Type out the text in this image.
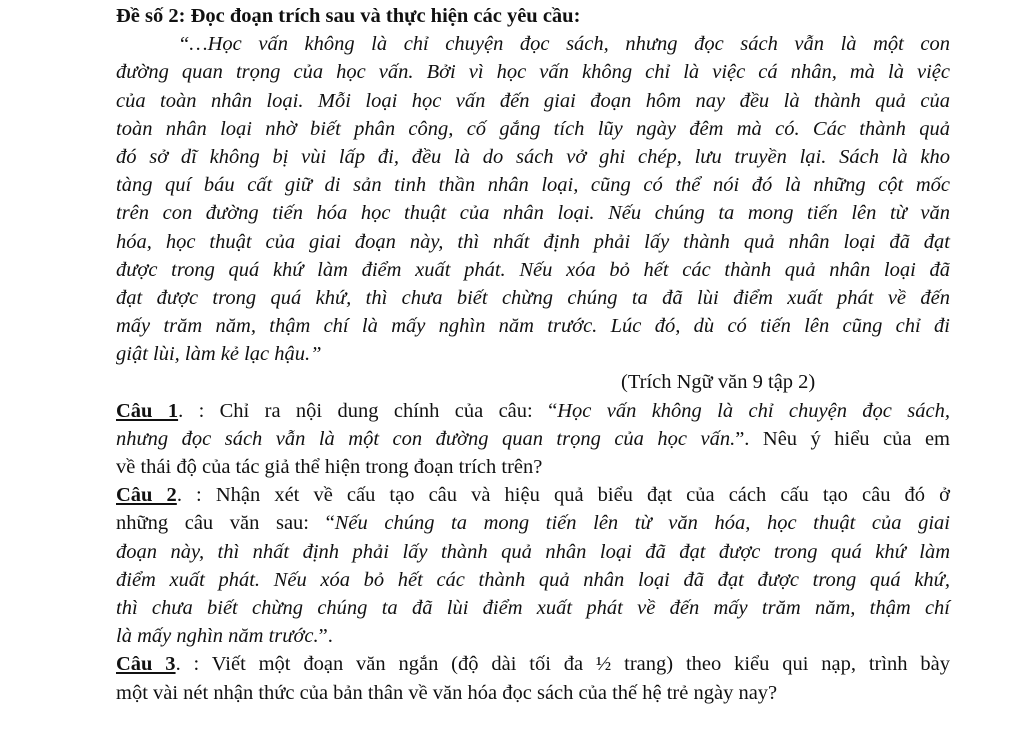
Đề số 2: Đọc đoạn trích sau và thực hiện các yêu cầu:
“…Học vấn không là chỉ chuyện đọc sách, nhưng đọc sách vẫn là một con
đường quan trọng của học vấn. Bởi vì học vấn không chỉ là việc cá nhân, mà là việc
của toàn nhân loại. Mỗi loại học vấn đến giai đoạn hôm nay đều là thành quả của
toàn nhân loại nhờ biết phân công, cố gắng tích lũy ngày đêm mà có. Các thành quả
đó sở dĩ không bị vùi lấp đi, đều là do sách vở ghi chép, lưu truyền lại. Sách là kho
tàng quí báu cất giữ di sản tinh thần nhân loại, cũng có thể nói đó là những cột mốc
trên con đường tiến hóa học thuật của nhân loại. Nếu chúng ta mong tiến lên từ văn
hóa, học thuật của giai đoạn này, thì nhất định phải lấy thành quả nhân loại đã đạt
được trong quá khứ làm điểm xuất phát. Nếu xóa bỏ hết các thành quả nhân loại đã
đạt được trong quá khứ, thì chưa biết chừng chúng ta đã lùi điểm xuất phát về đến
mấy trăm năm, thậm chí là mấy nghìn năm trước. Lúc đó, dù có tiến lên cũng chỉ đi
giật lùi, làm kẻ lạc hậu.”
(Trích Ngữ văn 9 tập 2)
Câu 1. : Chỉ ra nội dung chính của câu: “Học vấn không là chỉ chuyện đọc sách,
nhưng đọc sách vẫn là một con đường quan trọng của học vấn.”. Nêu ý hiểu của em
về thái độ của tác giả thể hiện trong đoạn trích trên?
Câu 2. : Nhận xét về cấu tạo câu và hiệu quả biểu đạt của cách cấu tạo câu đó ở
những câu văn sau: “Nếu chúng ta mong tiến lên từ văn hóa, học thuật của giai
đoạn này, thì nhất định phải lấy thành quả nhân loại đã đạt được trong quá khứ làm
điểm xuất phát. Nếu xóa bỏ hết các thành quả nhân loại đã đạt được trong quá khứ,
thì chưa biết chừng chúng ta đã lùi điểm xuất phát về đến mấy trăm năm, thậm chí
là mấy nghìn năm trước.”.
Câu 3. : Viết một đoạn văn ngắn (độ dài tối đa ½ trang) theo kiểu qui nạp, trình bày
một vài nét nhận thức của bản thân về văn hóa đọc sách của thế hệ trẻ ngày nay?
